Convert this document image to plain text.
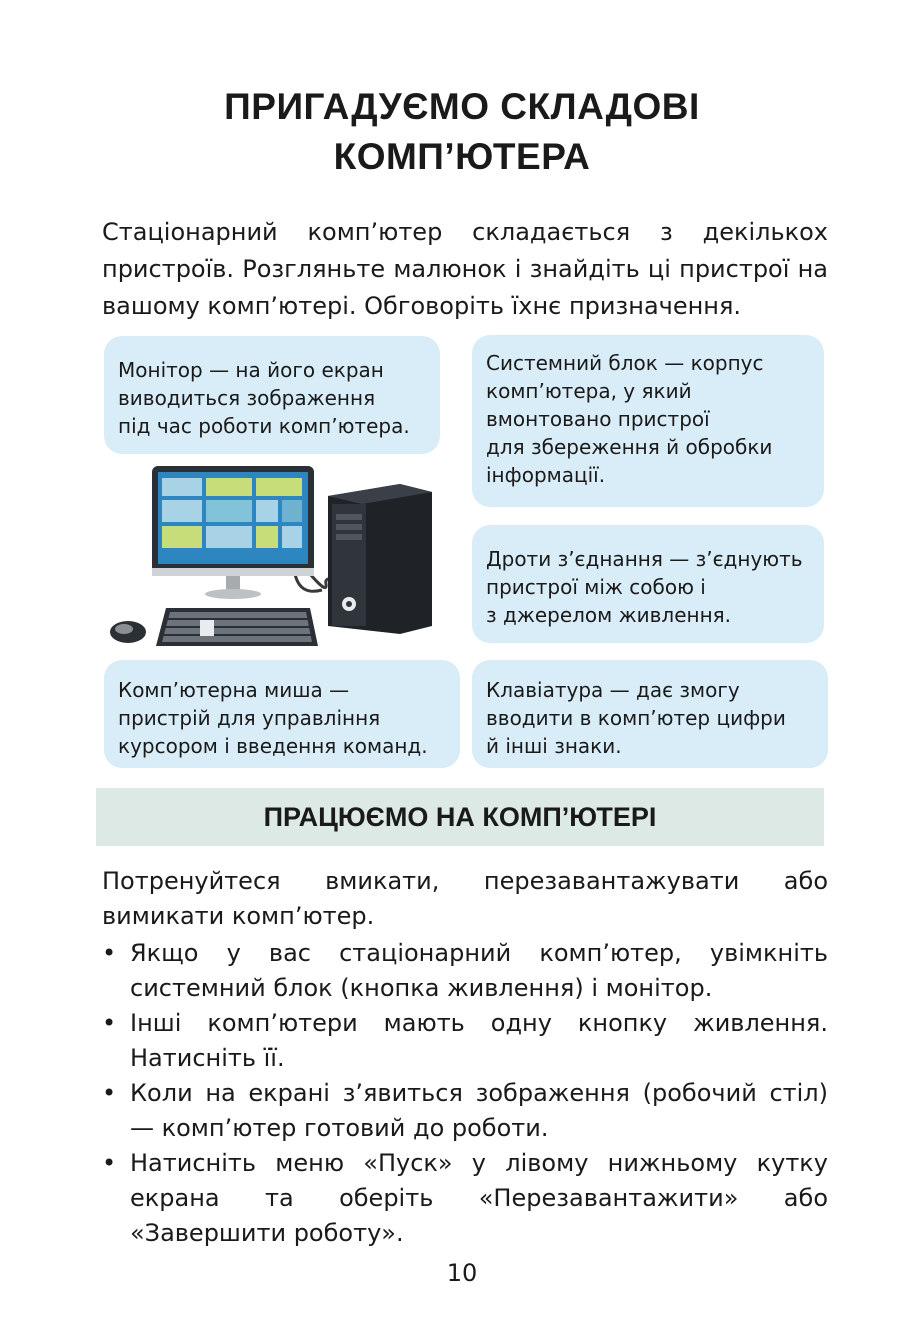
ПРИГАДУЄМО СКЛАДОВІ
КОМП’ЮТЕРА

Стаціонарний комп’ютер складається з декількох пристроїв. Розгляньте малюнок і знайдіть ці пристрої на вашому комп’ютері. Обговоріть їхнє призначення.

Монітор — на його екран
виводиться зображення
під час роботи комп’ютера.
Системний блок — корпус
комп’ютера, у який
вмонтовано пристрої
для збереження й обробки
інформації.
Дроти з’єднання — з’єднують
пристрої між собою і
з джерелом живлення.
Комп’ютерна миша —
пристрій для управління
курсором і введення команд.
Клавіатура — дає змогу
вводити в комп’ютер цифри
й інші знаки.
ПРАЦЮЄМО НА КОМП’ЮТЕРІ

Потренуйтеся вмикати, перезавантажувати або вимикати комп’ютер.

• Якщо у вас стаціонарний комп’ютер, увімкніть системний блок (кнопка живлення) і монітор.
• Інші комп’ютери мають одну кнопку живлення. Натисніть її.
• Коли на екрані з’явиться зображення (робочий стіл) — комп’ютер готовий до роботи.
• Натисніть меню «Пуск» у лівому нижньому кутку екрана та оберіть «Перезавантажити» або «Завершити роботу».
10
